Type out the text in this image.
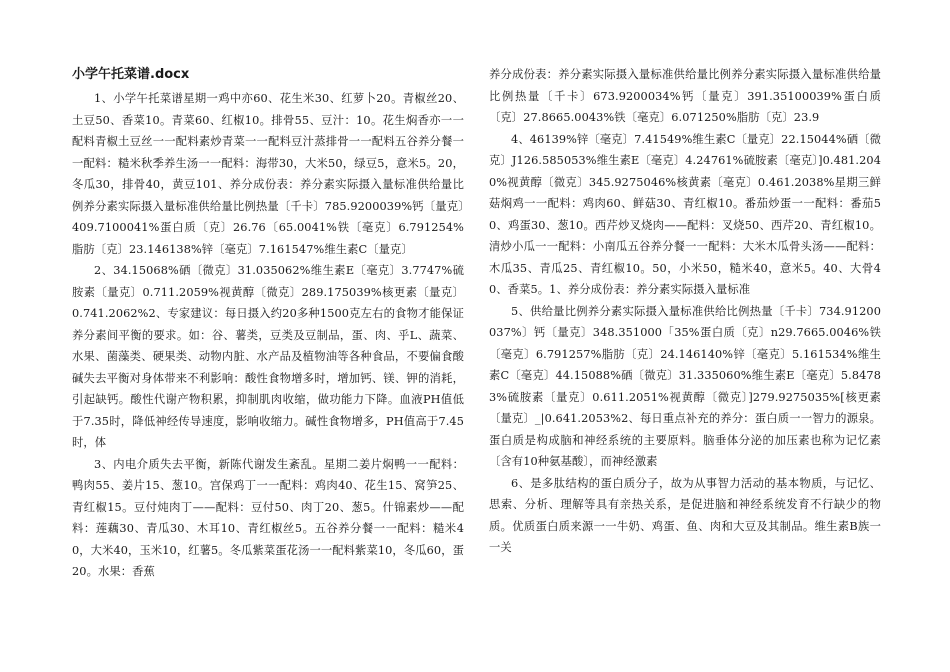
小学午托菜谱.docx

1、小学午托菜谱星期一鸡中亦60、花生米30、红萝卜20。青椒丝20、土豆50、香菜10。青菜60、红椒10。排骨55、豆汁：10。花生焖香亦一一配料青椒土豆丝一一配料素炒青菜一一配料豆汁蒸排骨一一配料五谷养分餐一一配料：糙米秋季养生汤一一配料：海带30，大米50，绿豆5，意米5。20，冬瓜30，排骨40，黄豆101、养分成份表：养分素实际摄入量标准供给量比例养分素实际摄入量标准供给量比例热量〔千卡〕785.9200039%钙〔量克〕409.7100041%蛋白质〔克〕26.76〔65.0041%铁〔毫克〕6.791254%脂肪〔克〕23.146138%锌〔毫克〕7.161547%维生素C〔量克〕

2、34.15068%硒〔微克〕31.035062%维生素E〔毫克〕3.7747%硫胺素〔量克〕0.711.2059%视黄醇〔微克〕289.175039%核更素〔量克〕0.741.2062%2、专家建议：每日摄入约20多种1500克左右的食物才能保证养分素间平衡的要求。如：谷、薯类，豆类及豆制品，蛋、肉、乎L、蔬菜、水果、菌藻类、硬果类、动物内脏、水产品及植物油等各种食品，不要偏食酸碱失去平衡对身体带来不利影响：酸性食物增多时，增加钙、镁、钾的消耗，引起缺钙。酸性代谢产物积累，抑制肌肉收缩，做功能力下降。血液PH值低于7.35时，降低神经传导速度，影响收缩力。碱性食物增多，PH值高于7.45时，体

3、内电介质失去平衡，新陈代谢发生紊乱。星期二姜片焖鸭一一配料：鸭肉55、姜片15、葱10。宫保鸡丁一一配料：鸡肉40、花生15、窝笋25、青红椒15。豆付炖肉丁——配料：豆付50、肉丁20、葱5。什锦素炒——配料：莲藕30、青瓜30、木耳10、青红椒丝5。五谷养分餐一一配料：糙米40，大米40，玉米10，红薯5。冬瓜紫菜蛋花汤一一配料紫菜10，冬瓜60，蛋20。水果：香蕉

养分成份表：养分素实际摄入量标准供给量比例养分素实际摄入量标准供给量比例热量〔千卡〕673.9200034%钙〔量克〕391.35100039%蛋白质〔克〕27.8665.0043%铁〔毫克〕6.071250%脂肪〔克〕23.9

4、46139%锌〔毫克〕7.41549%维生素C〔量克〕22.15044%硒〔微克〕J126.585053%维生素E〔毫克〕4.24761%硫胺素〔毫克〕]0.481.2040%视黄醇〔微克〕345.9275046%核黄素〔毫克〕0.461.2038%星期三鲜菇焖鸡一一配料：鸡肉60、鲜菇30、青红椒10。番茄炒蛋一一配料：番茄50、鸡蛋30、葱10。西芹炒叉烧肉——配料：叉烧50、西芹20、青红椒10。清炒小瓜一一配料：小南瓜五谷养分餐一一配料：大米木瓜骨头汤——配料：木瓜35、青瓜25、青红椒10。50，小米50，糙米40，意米5。40、大骨40、香菜5。1、养分成份表：养分素实际摄入量标准

5、供给量比例养分素实际摄入量标准供给比例热量〔千卡〕734.91200037%〕钙〔量克〕348.351000「35%蛋白质〔克〕n29.7665.0046%铁〔毫克〕6.791257%脂肪〔克〕24.146140%锌〔毫克〕5.161534%维生素C〔毫克〕44.15088%硒〔微克〕31.335060%维生素E〔毫克〕5.84783%硫胺素〔量克〕0.611.2051%视黄醇〔微克〕]279.9275035%[核更素〔量克〕_|0.641.2053%2、每日重点补充的养分：蛋白质一一智力的源泉。蛋白质是构成脑和神经系统的主要原料。脑垂体分泌的加压素也称为记忆素〔含有10种氨基酸〕，而神经激素

6、是多肽结构的蛋白质分子，故为从事智力活动的基本物质，与记忆、思索、分析、理解等具有亲热关系，是促进脑和神经系统发育不行缺少的物质。优质蛋白质来源一一牛奶、鸡蛋、鱼、肉和大豆及其制品。维生素B族一一关
